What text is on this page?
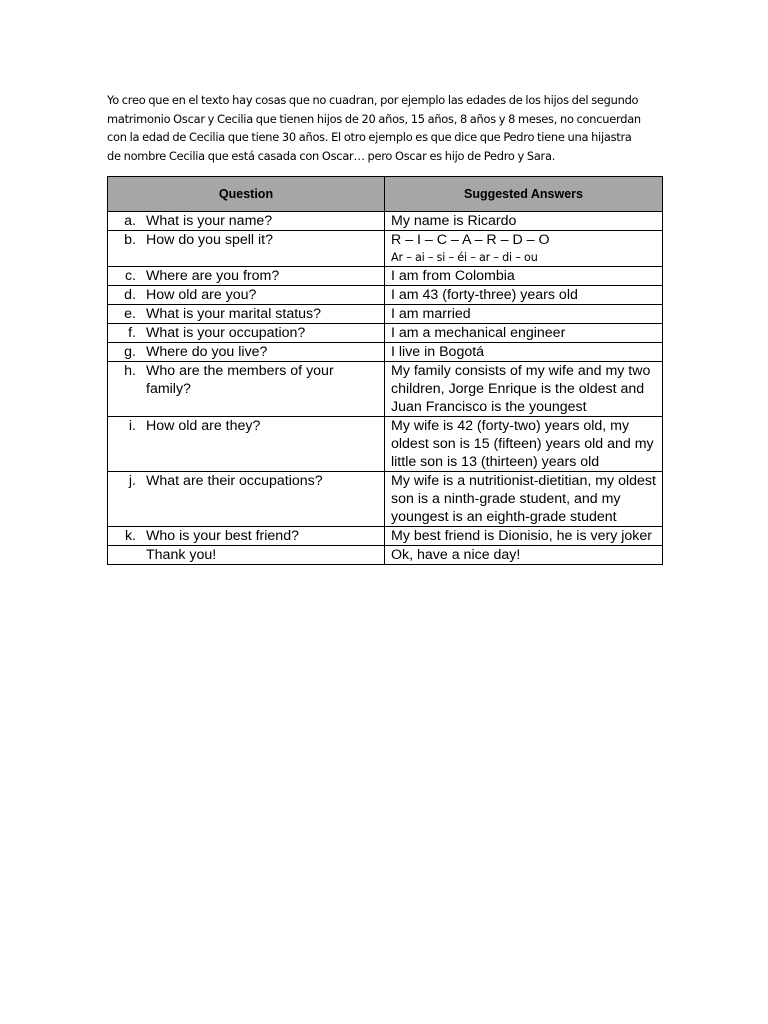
Yo creo que en el texto hay cosas que no cuadran, por ejemplo las edades de los hijos del segundo
matrimonio Oscar y Cecilia que tienen hijos de 20 años, 15 años, 8 años y 8 meses, no concuerdan
con la edad de Cecilia que tiene 30 años. El otro ejemplo es que dice que Pedro tiene una hijastra
de nombre Cecilia que está casada con Oscar… pero Oscar es hijo de Pedro y Sara.
Question	Suggested Answers

a. What is your name?	My name is Ricardo

b. How do you spell it?	R – I – C – A – R – D – O
Ar – ai – si – éi – ar – di – ou

c. Where are you from?	I am from Colombia

d. How old are you?	I am 43 (forty-three) years old

e. What is your marital status?	I am married

f. What is your occupation?	I am a mechanical engineer

g. Where do you live?	I live in Bogotá

h. Who are the members of your family?	My family consists of my wife and my two children, Jorge Enrique is the oldest and Juan Francisco is the youngest

i. How old are they?	My wife is 42 (forty-two) years old, my oldest son is 15 (fifteen) years old and my little son is 13 (thirteen) years old

j. What are their occupations?	My wife is a nutritionist-dietitian, my oldest son is a ninth-grade student, and my youngest is an eighth-grade student

k. Who is your best friend?	My best friend is Dionisio, he is very joker

Thank you!	Ok, have a nice day!
